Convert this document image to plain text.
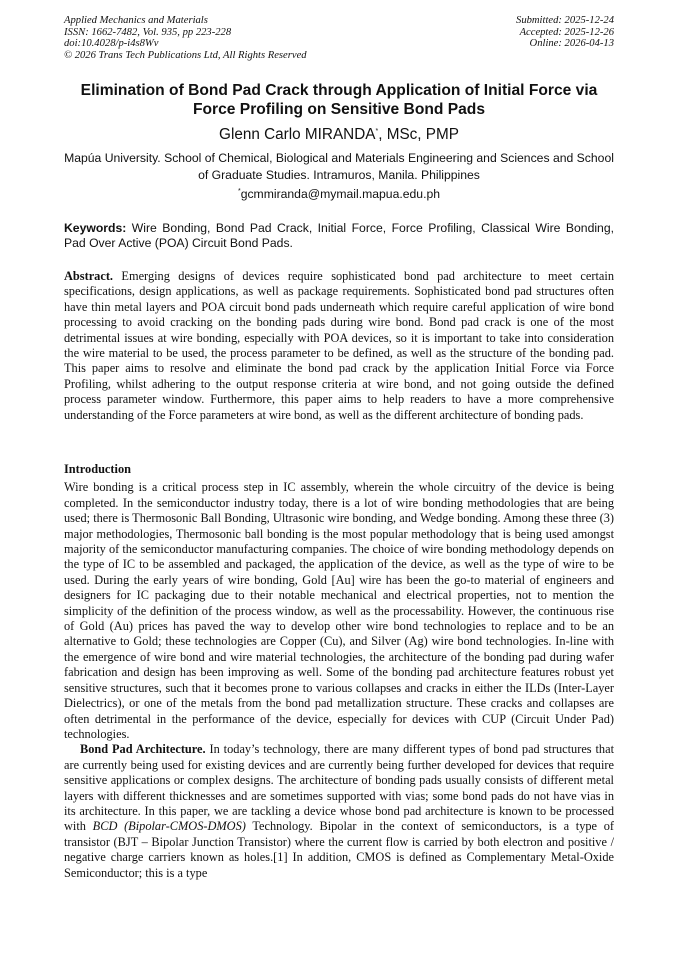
Applied Mechanics and Materials
ISSN: 1662-7482, Vol. 935, pp 223-228
doi:10.4028/p-i4s8Wv
© 2026 Trans Tech Publications Ltd, All Rights Reserved
Submitted: 2025-12-24
Accepted: 2025-12-26
Online: 2026-04-13
Elimination of Bond Pad Crack through Application of Initial Force via Force Profiling on Sensitive Bond Pads
Glenn Carlo MIRANDA*, MSc, PMP
Mapúa University. School of Chemical, Biological and Materials Engineering and Sciences and School of Graduate Studies. Intramuros, Manila. Philippines
*gcmmiranda@mymail.mapua.edu.ph
Keywords: Wire Bonding, Bond Pad Crack, Initial Force, Force Profiling, Classical Wire Bonding, Pad Over Active (POA) Circuit Bond Pads.

Abstract. Emerging designs of devices require sophisticated bond pad architecture to meet certain specifications, design applications, as well as package requirements. Sophisticated bond pad structures often have thin metal layers and POA circuit bond pads underneath which require careful application of wire bond processing to avoid cracking on the bonding pads during wire bond. Bond pad crack is one of the most detrimental issues at wire bonding, especially with POA devices, so it is important to take into consideration the wire material to be used, the process parameter to be defined, as well as the structure of the bonding pad. This paper aims to resolve and eliminate the bond pad crack by the application Initial Force via Force Profiling, whilst adhering to the output response criteria at wire bond, and not going outside the defined process parameter window. Furthermore, this paper aims to help readers to have a more comprehensive understanding of the Force parameters at wire bond, as well as the different architecture of bonding pads.

Introduction

Wire bonding is a critical process step in IC assembly, wherein the whole circuitry of the device is being completed. In the semiconductor industry today, there is a lot of wire bonding methodologies that are being used; there is Thermosonic Ball Bonding, Ultrasonic wire bonding, and Wedge bonding. Among these three (3) major methodologies, Thermosonic ball bonding is the most popular methodology that is being used amongst majority of the semiconductor manufacturing companies. The choice of wire bonding methodology depends on the type of IC to be assembled and packaged, the application of the device, as well as the type of wire to be used. During the early years of wire bonding, Gold [Au] wire has been the go-to material of engineers and designers for IC packaging due to their notable mechanical and electrical properties, not to mention the simplicity of the definition of the process window, as well as the processability. However, the continuous rise of Gold (Au) prices has paved the way to develop other wire bond technologies to replace and to be an alternative to Gold; these technologies are Copper (Cu), and Silver (Ag) wire bond technologies. In-line with the emergence of wire bond and wire material technologies, the architecture of the bonding pad during wafer fabrication and design has been improving as well. Some of the bonding pad architecture features robust yet sensitive structures, such that it becomes prone to various collapses and cracks in either the ILDs (Inter-Layer Dielectrics), or one of the metals from the bond pad metallization structure. These cracks and collapses are often detrimental in the performance of the device, especially for devices with CUP (Circuit Under Pad) technologies.

Bond Pad Architecture. In today’s technology, there are many different types of bond pad structures that are currently being used for existing devices and are currently being further developed for devices that require sensitive applications or complex designs. The architecture of bonding pads usually consists of different metal layers with different thicknesses and are sometimes supported with vias; some bond pads do not have vias in its architecture. In this paper, we are tackling a device whose bond pad architecture is known to be processed with BCD (Bipolar-CMOS-DMOS) Technology. Bipolar in the context of semiconductors, is a type of transistor (BJT – Bipolar Junction Transistor) where the current flow is carried by both electron and positive / negative charge carriers known as holes.[1] In addition, CMOS is defined as Complementary Metal-Oxide Semiconductor; this is a type
